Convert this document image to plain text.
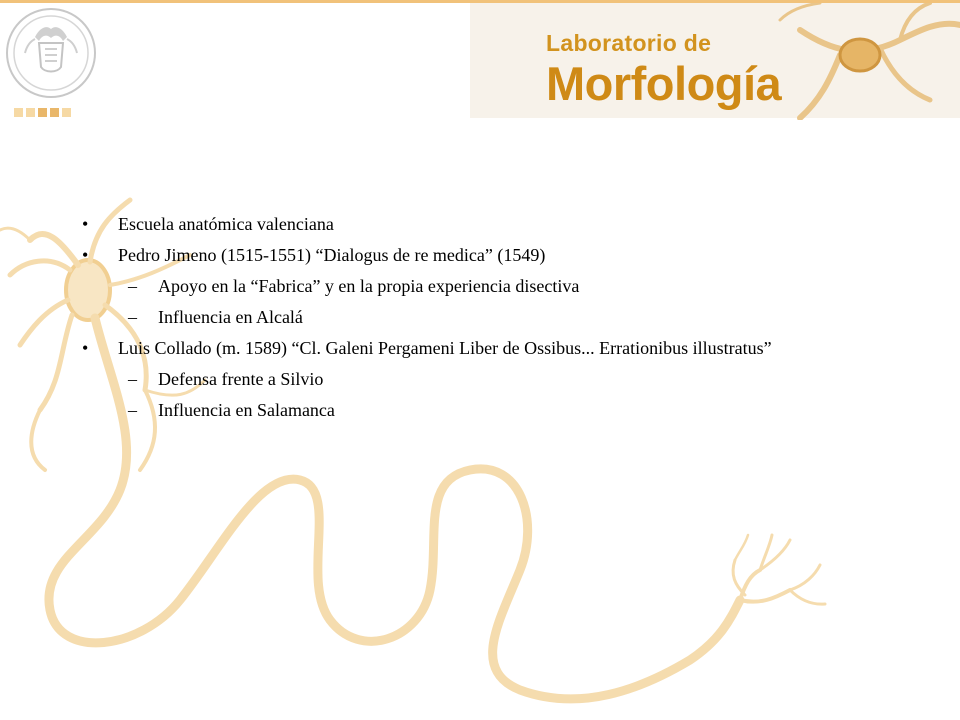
Laboratorio de
Morfología

• Escuela anatómica valenciana

• Pedro Jimeno (1515-1551) “Dialogus de re medica” (1549)

– Apoyo en la “Fabrica” y en la propia experiencia disectiva

– Influencia en Alcalá

• Luis Collado (m. 1589) “Cl. Galeni Pergameni Liber de Ossibus... Errationibus illustratus”

– Defensa frente a Silvio

– Influencia en Salamanca
